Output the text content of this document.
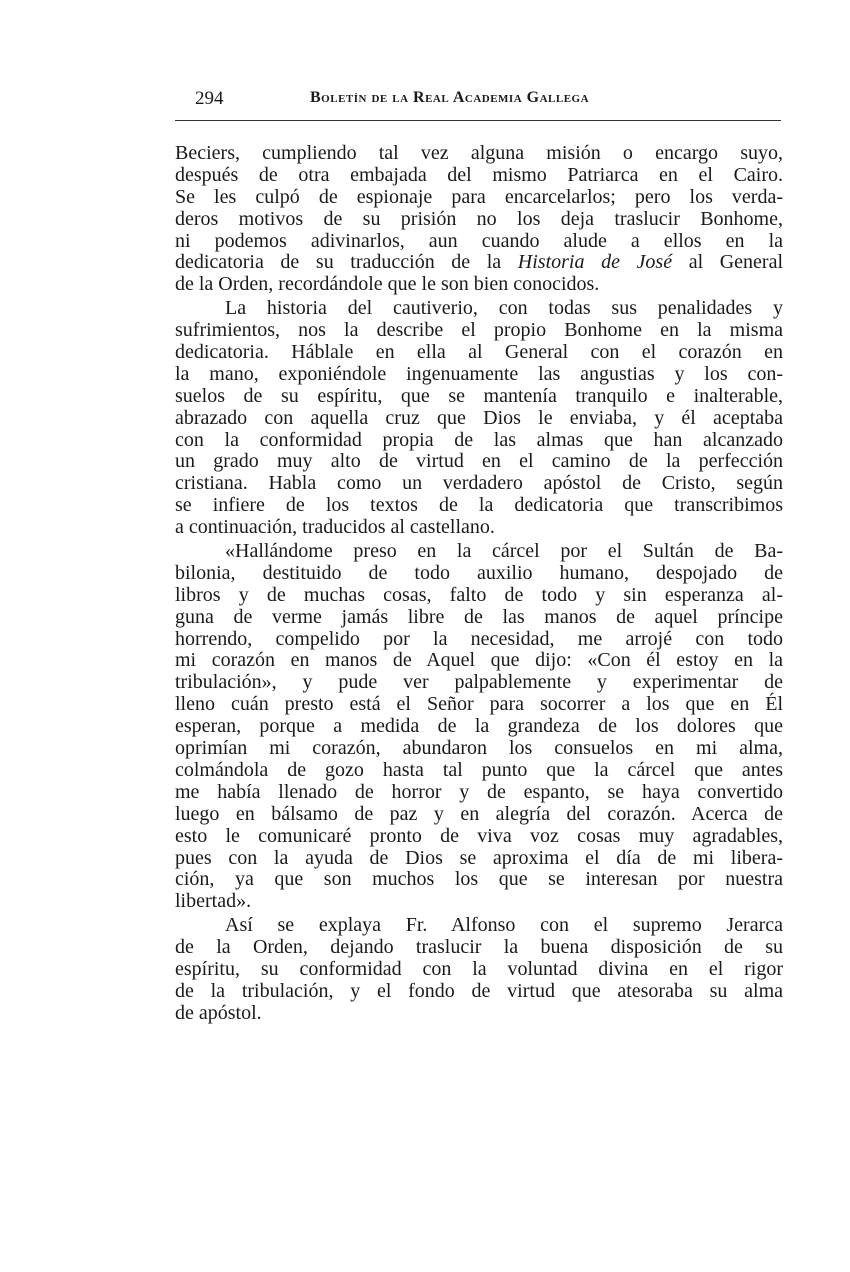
294	Boletín de la Real Academia Gallega
Beciers, cumpliendo tal vez alguna misión o encargo suyo,
después de otra embajada del mismo Patriarca en el Cairo.
Se les culpó de espionaje para encarcelarlos; pero los verda-
deros motivos de su prisión no los deja traslucir Bonhome,
ni podemos adivinarlos, aun cuando alude a ellos en la
dedicatoria de su traducción de la Historia de José al General
de la Orden, recordándole que le son bien conocidos.
La historia del cautiverio, con todas sus penalidades y
sufrimientos, nos la describe el propio Bonhome en la misma
dedicatoria. Háblale en ella al General con el corazón en
la mano, exponiéndole ingenuamente las angustias y los con-
suelos de su espíritu, que se mantenía tranquilo e inalterable,
abrazado con aquella cruz que Dios le enviaba, y él aceptaba
con la conformidad propia de las almas que han alcanzado
un grado muy alto de virtud en el camino de la perfección
cristiana. Habla como un verdadero apóstol de Cristo, según
se infiere de los textos de la dedicatoria que transcribimos
a continuación, traducidos al castellano.
«Hallándome preso en la cárcel por el Sultán de Ba-
bilonia, destituido de todo auxilio humano, despojado de
libros y de muchas cosas, falto de todo y sin esperanza al-
guna de verme jamás libre de las manos de aquel príncipe
horrendo, compelido por la necesidad, me arrojé con todo
mi corazón en manos de Aquel que dijo: «Con él estoy en la
tribulación», y pude ver palpablemente y experimentar de
lleno cuán presto está el Señor para socorrer a los que en Él
esperan, porque a medida de la grandeza de los dolores que
oprimían mi corazón, abundaron los consuelos en mi alma,
colmándola de gozo hasta tal punto que la cárcel que antes
me había llenado de horror y de espanto, se haya convertido
luego en bálsamo de paz y en alegría del corazón. Acerca de
esto le comunicaré pronto de viva voz cosas muy agradables,
pues con la ayuda de Dios se aproxima el día de mi libera-
ción, ya que son muchos los que se interesan por nuestra
libertad».
Así se explaya Fr. Alfonso con el supremo Jerarca
de la Orden, dejando traslucir la buena disposición de su
espíritu, su conformidad con la voluntad divina en el rigor
de la tribulación, y el fondo de virtud que atesoraba su alma
de apóstol.
